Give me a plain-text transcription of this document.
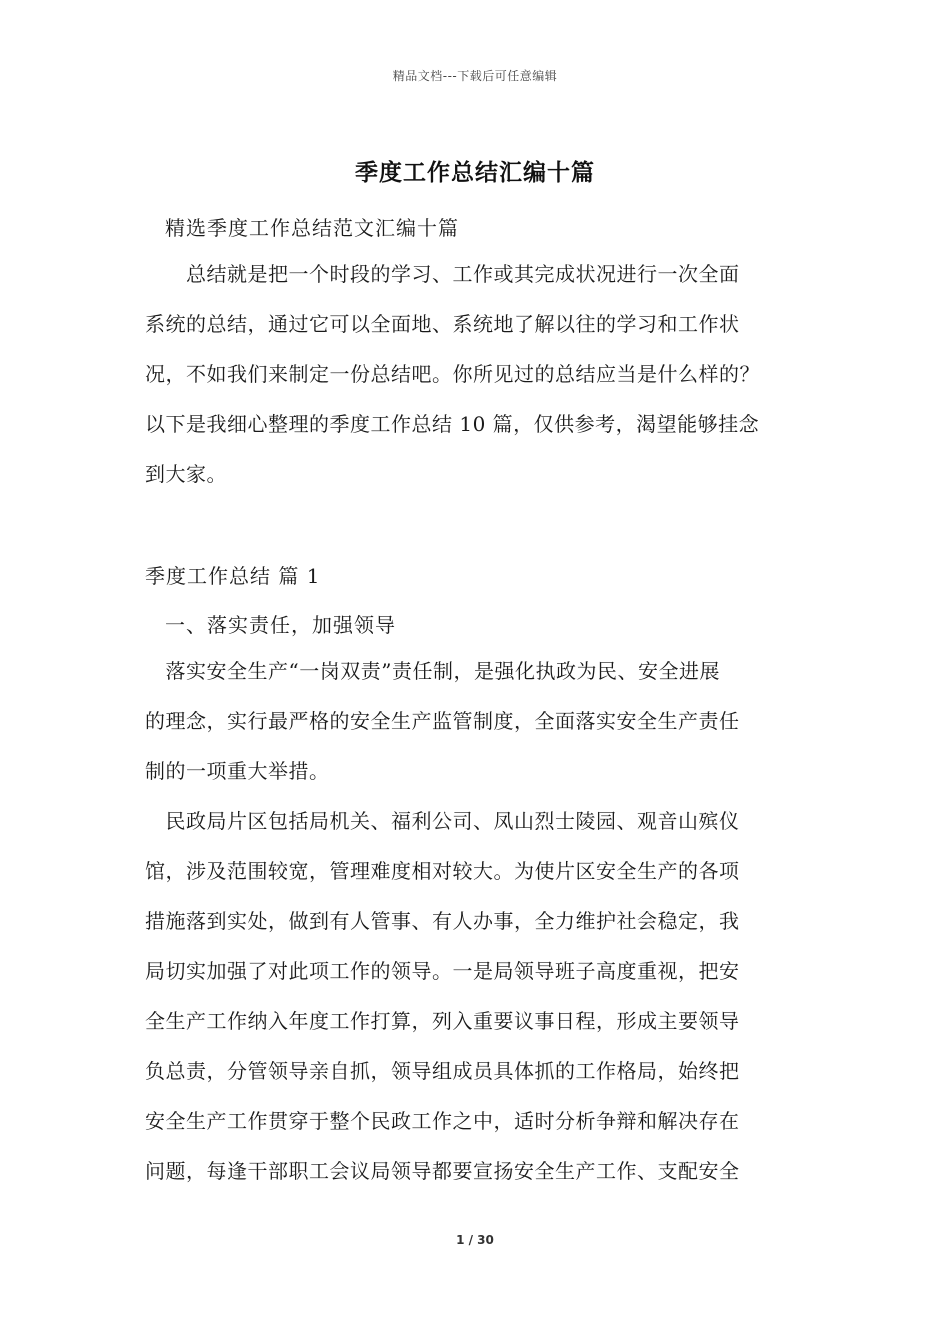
精品文档---下载后可任意编辑
季度工作总结汇编十篇
精选季度工作总结范文汇编十篇

　　总结就是把一个时段的学习、工作或其完成状况进行一次全面

系统的总结，通过它可以全面地、系统地了解以往的学习和工作状

况，不如我们来制定一份总结吧。你所见过的总结应当是什么样的？

以下是我细心整理的季度工作总结 10 篇，仅供参考，渴望能够挂念

到大家。

季度工作总结 篇 1
一、落实责任，加强领导

　落实安全生产“一岗双责”责任制，是强化执政为民、安全进展

的理念，实行最严格的安全生产监管制度，全面落实安全生产责任

制的一项重大举措。

　民政局片区包括局机关、福利公司、凤山烈士陵园、观音山殡仪

馆，涉及范围较宽，管理难度相对较大。为使片区安全生产的各项

措施落到实处，做到有人管事、有人办事，全力维护社会稳定，我

局切实加强了对此项工作的领导。一是局领导班子高度重视，把安

全生产工作纳入年度工作打算，列入重要议事日程，形成主要领导

负总责，分管领导亲自抓，领导组成员具体抓的工作格局，始终把

安全生产工作贯穿于整个民政工作之中，适时分析争辩和解决存在

问题，每逢干部职工会议局领导都要宣扬安全生产工作、支配安全

1 / 30
